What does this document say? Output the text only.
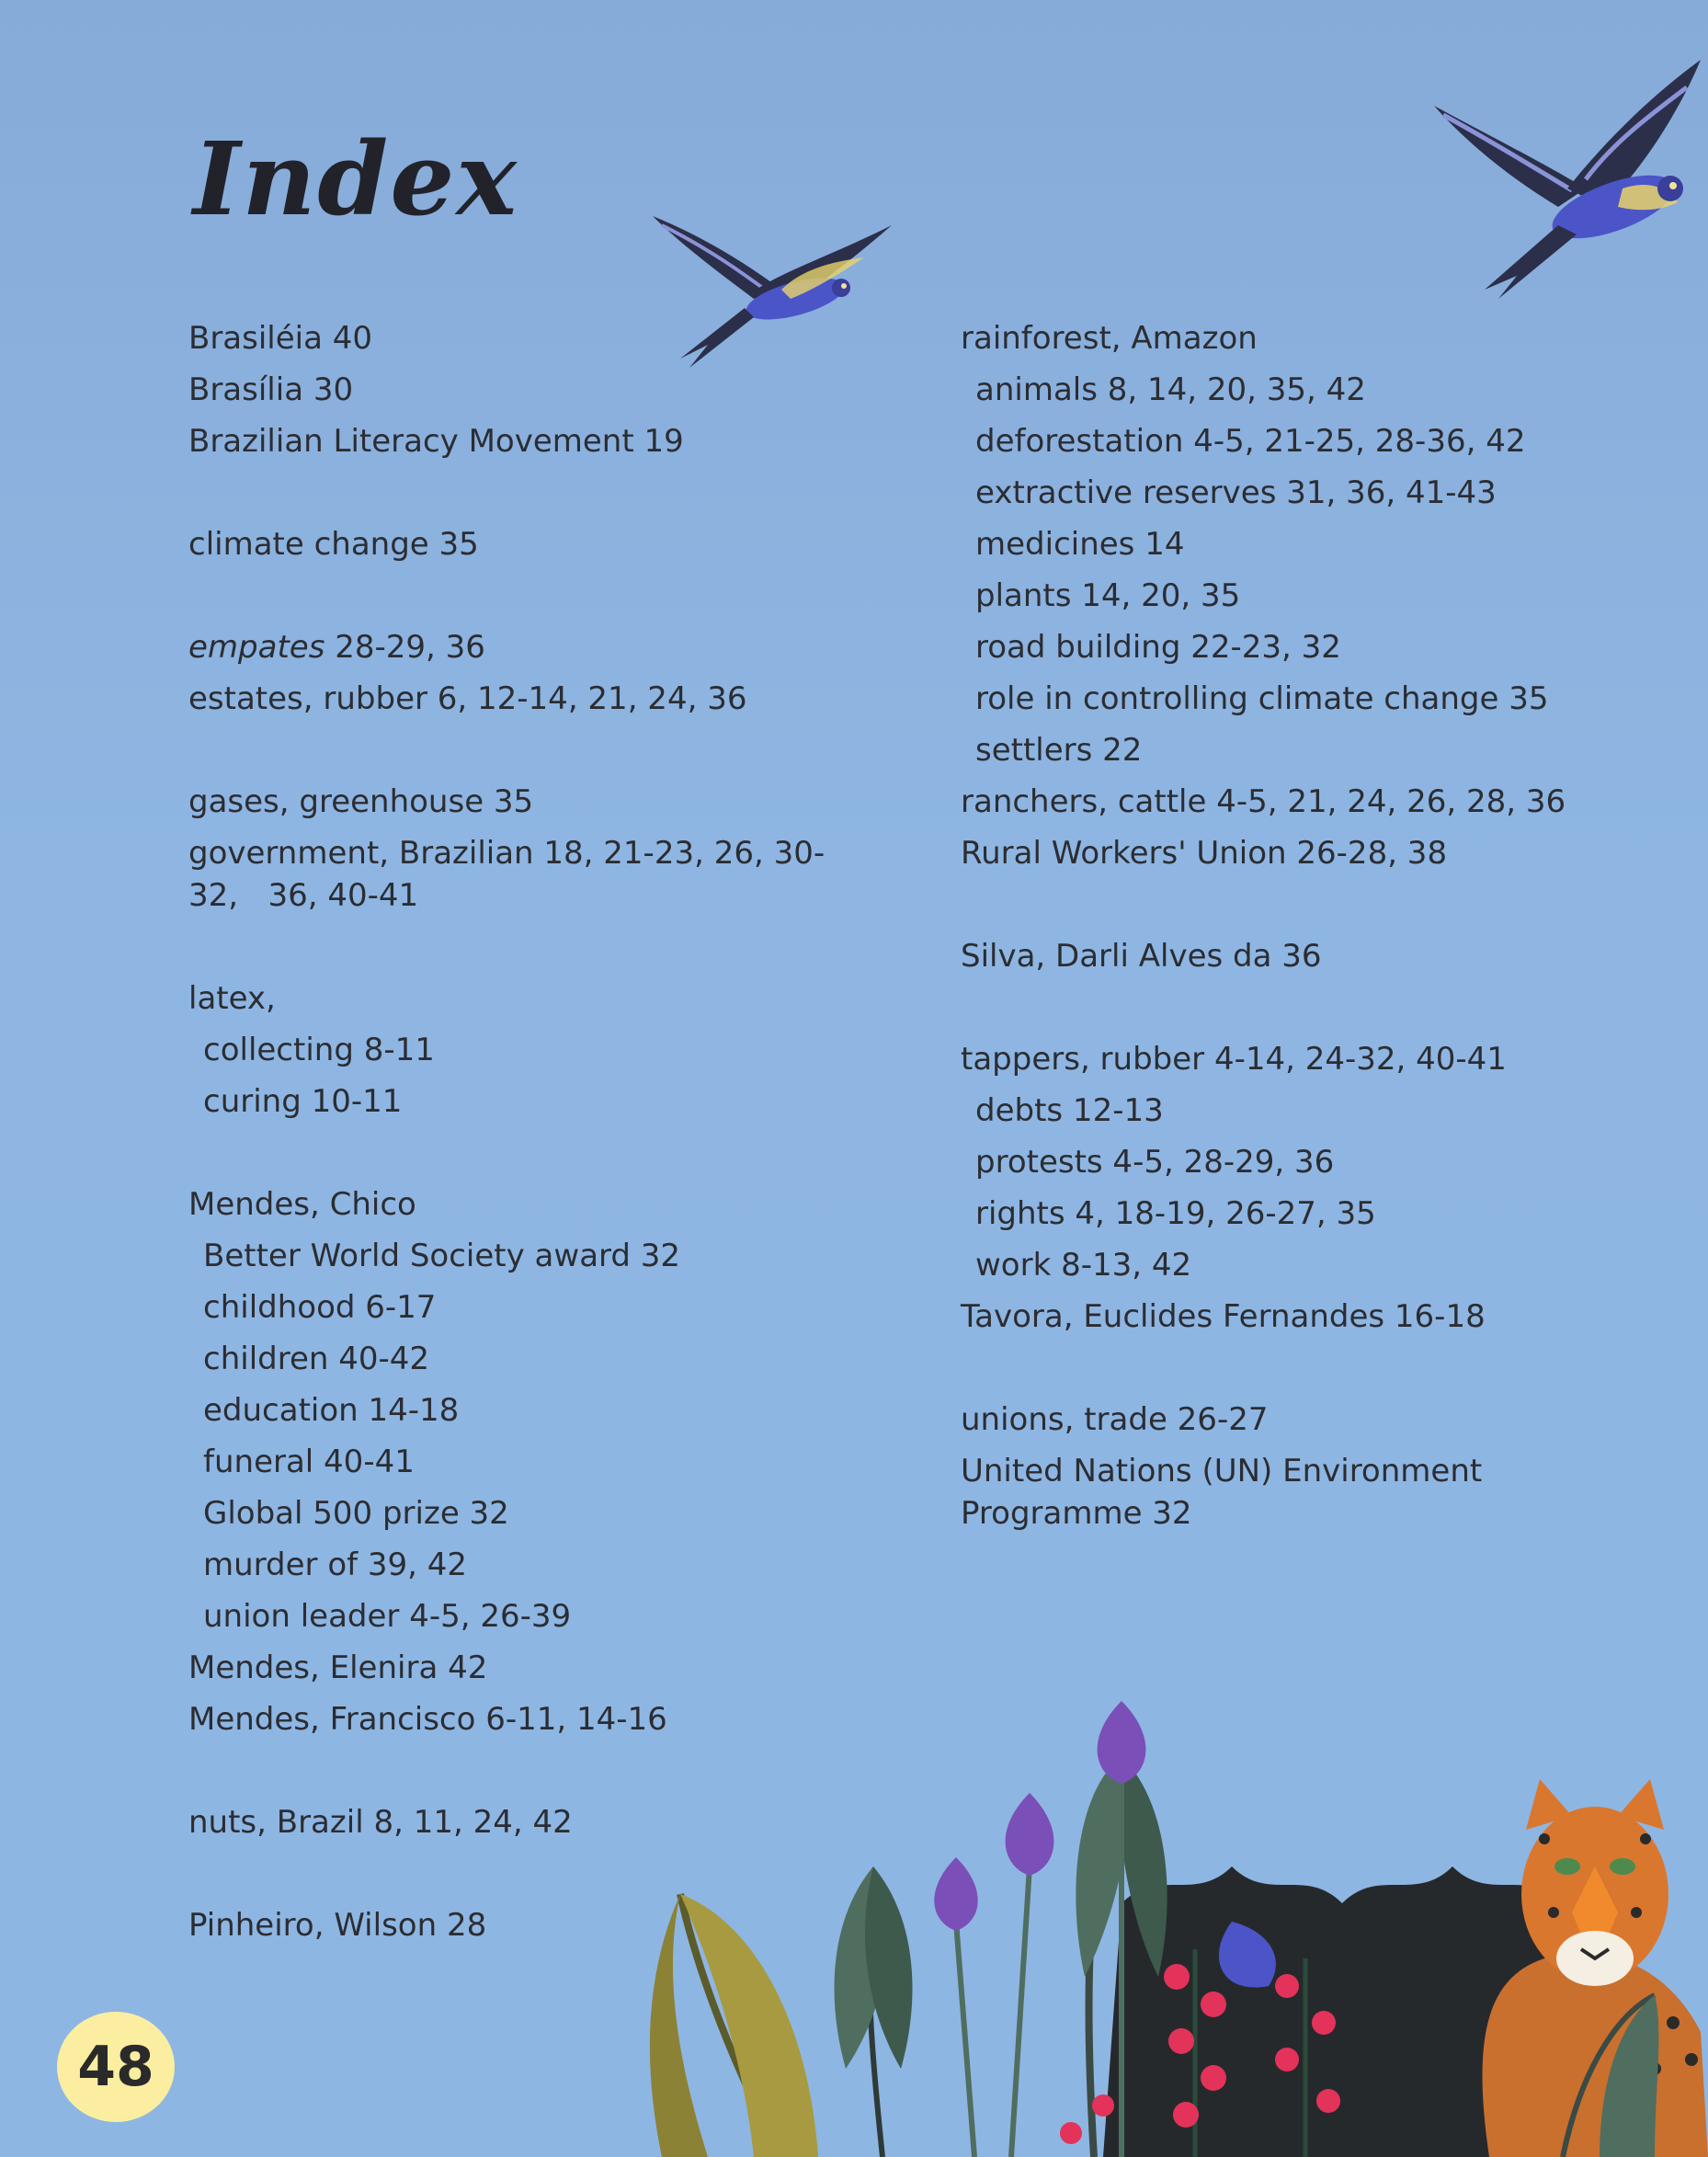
Index
Brasiléia 40
Brasília 30
Brazilian Literacy Movement 19
climate change 35
empates 28-29, 36
estates, rubber 6, 12-14, 21, 24, 36
gases, greenhouse 35
government, Brazilian 18, 21-23, 26, 30-32,   36, 40-41
latex,
collecting 8-11
curing 10-11
Mendes, Chico
Better World Society award 32
childhood 6-17
children 40-42
education 14-18
funeral 40-41
Global 500 prize 32
murder of 39, 42
union leader 4-5, 26-39
Mendes, Elenira 42
Mendes, Francisco 6-11, 14-16
nuts, Brazil 8, 11, 24, 42
Pinheiro, Wilson 28
rainforest, Amazon
animals 8, 14, 20, 35, 42
deforestation 4-5, 21-25, 28-36, 42
extractive reserves 31, 36, 41-43
medicines 14
plants 14, 20, 35
road building 22-23, 32
role in controlling climate change 35
settlers 22
ranchers, cattle 4-5, 21, 24, 26, 28, 36
Rural Workers' Union 26-28, 38
Silva, Darli Alves da 36
tappers, rubber 4-14, 24-32, 40-41
debts 12-13
protests 4-5, 28-29, 36
rights 4, 18-19, 26-27, 35
work 8-13, 42
Tavora, Euclides Fernandes 16-18
unions, trade 26-27
United Nations (UN) Environment Programme 32
48
